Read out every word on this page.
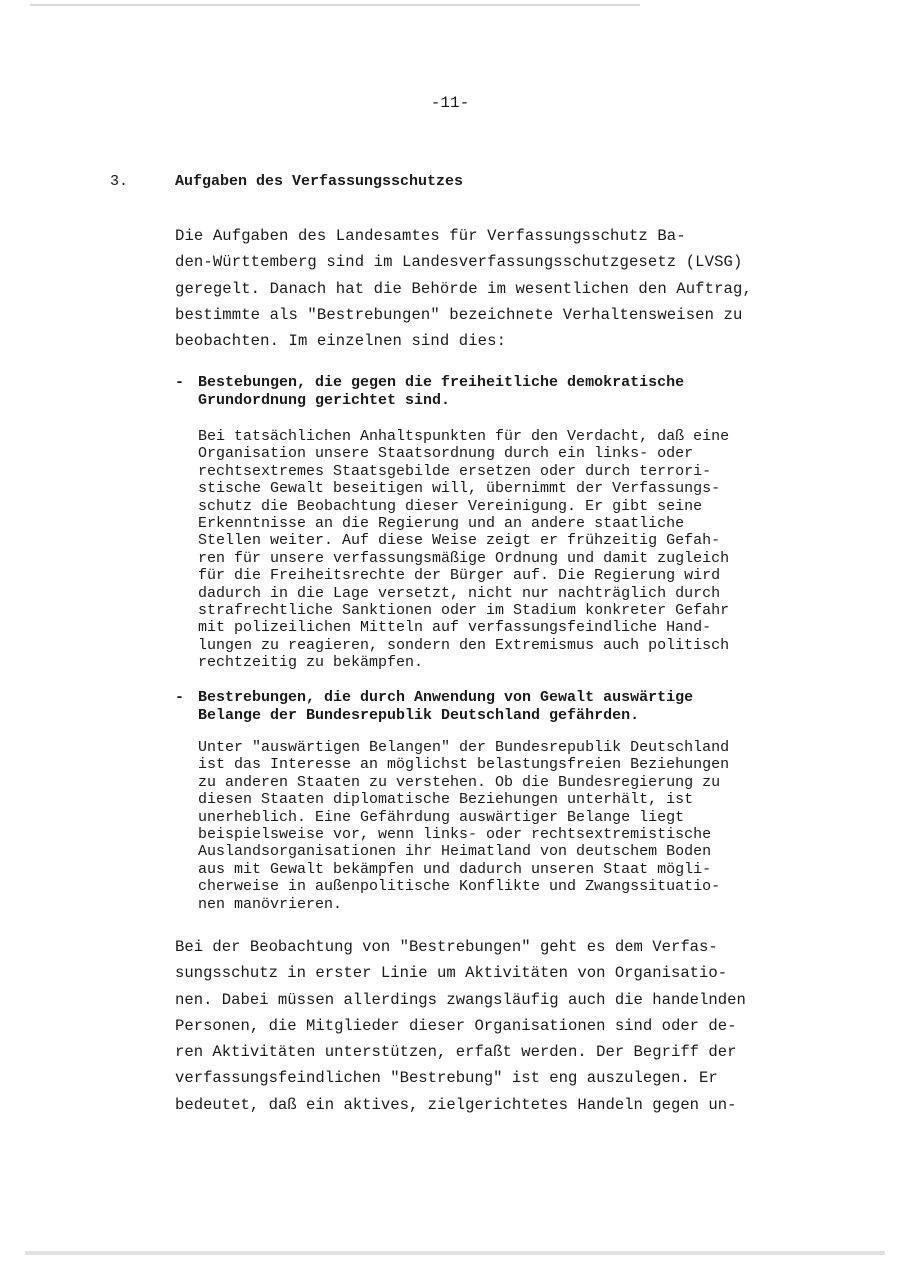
-11-
3.	Aufgaben des Verfassungsschutzes

Die Aufgaben des Landesamtes für Verfassungsschutz Ba-
den-Württemberg sind im Landesverfassungsschutzgesetz (LVSG)
geregelt. Danach hat die Behörde im wesentlichen den Auftrag,
bestimmte als "Bestrebungen" bezeichnete Verhaltensweisen zu
beobachten. Im einzelnen sind dies:

- Bestebungen, die gegen die freiheitliche demokratische
Grundordnung gerichtet sind.

Bei tatsächlichen Anhaltspunkten für den Verdacht, daß eine
Organisation unsere Staatsordnung durch ein links- oder
rechtsextremes Staatsgebilde ersetzen oder durch terrori-
stische Gewalt beseitigen will, übernimmt der Verfassungs-
schutz die Beobachtung dieser Vereinigung. Er gibt seine
Erkenntnisse an die Regierung und an andere staatliche
Stellen weiter. Auf diese Weise zeigt er frühzeitig Gefah-
ren für unsere verfassungsmäßige Ordnung und damit zugleich
für die Freiheitsrechte der Bürger auf. Die Regierung wird
dadurch in die Lage versetzt, nicht nur nachträglich durch
strafrechtliche Sanktionen oder im Stadium konkreter Gefahr
mit polizeilichen Mitteln auf verfassungsfeindliche Hand-
lungen zu reagieren, sondern den Extremismus auch politisch
rechtzeitig zu bekämpfen.

- Bestrebungen, die durch Anwendung von Gewalt auswärtige
Belange der Bundesrepublik Deutschland gefährden.

Unter "auswärtigen Belangen" der Bundesrepublik Deutschland
ist das Interesse an möglichst belastungsfreien Beziehungen
zu anderen Staaten zu verstehen. Ob die Bundesregierung zu
diesen Staaten diplomatische Beziehungen unterhält, ist
unerheblich. Eine Gefährdung auswärtiger Belange liegt
beispielsweise vor, wenn links- oder rechtsextremistische
Auslandsorganisationen ihr Heimatland von deutschem Boden
aus mit Gewalt bekämpfen und dadurch unseren Staat mögli-
cherweise in außenpolitische Konflikte und Zwangssituatio-
nen manövrieren.

Bei der Beobachtung von "Bestrebungen" geht es dem Verfas-
sungsschutz in erster Linie um Aktivitäten von Organisatio-
nen. Dabei müssen allerdings zwangsläufig auch die handelnden
Personen, die Mitglieder dieser Organisationen sind oder de-
ren Aktivitäten unterstützen, erfaßt werden. Der Begriff der
verfassungsfeindlichen "Bestrebung" ist eng auszulegen. Er
bedeutet, daß ein aktives, zielgerichtetes Handeln gegen un-
